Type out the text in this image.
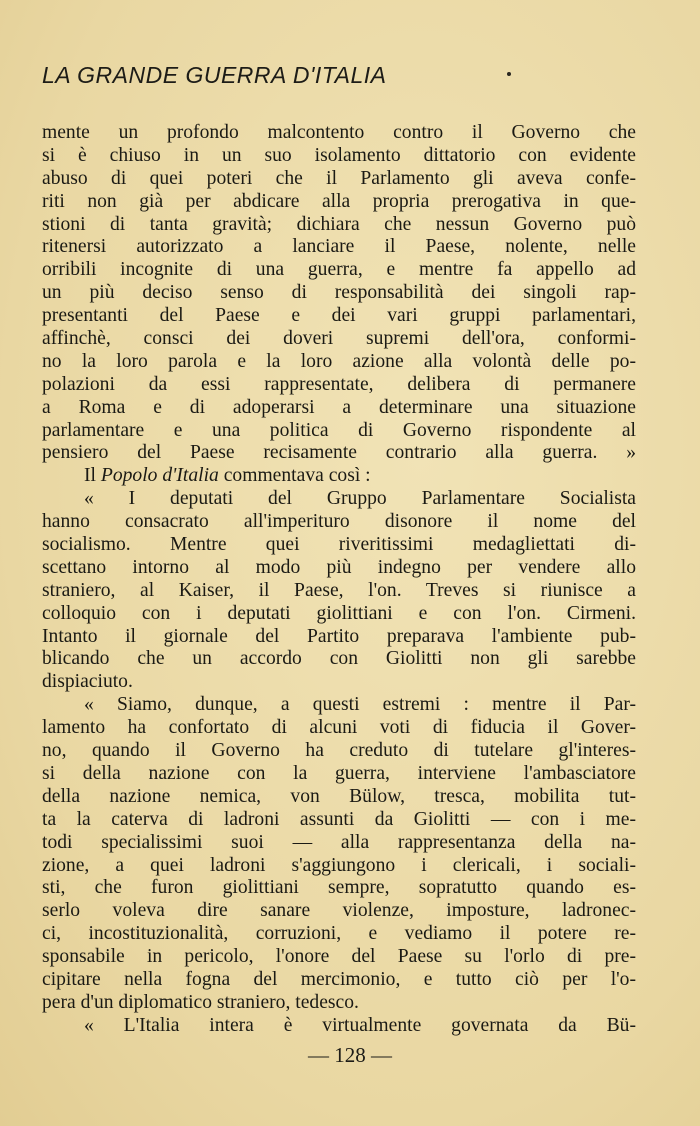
LA GRANDE GUERRA D'ITALIA
mente un profondo malcontento contro il Governo che
si è chiuso in un suo isolamento dittatorio con evidente
abuso di quei poteri che il Parlamento gli aveva confe-
riti non già per abdicare alla propria prerogativa in que-
stioni di tanta gravità; dichiara che nessun Governo può
ritenersi autorizzato a lanciare il Paese, nolente, nelle
orribili incognite di una guerra, e mentre fa appello ad
un più deciso senso di responsabilità dei singoli rap-
presentanti del Paese e dei vari gruppi parlamentari,
affinchè, consci dei doveri supremi dell'ora, conformi-
no la loro parola e la loro azione alla volontà delle po-
polazioni da essi rappresentate, delibera di permanere
a Roma e di adoperarsi a determinare una situazione
parlamentare e una politica di Governo rispondente al
pensiero del Paese recisamente contrario alla guerra. »
Il Popolo d'Italia commentava così :
« I deputati del Gruppo Parlamentare Socialista
hanno consacrato all'imperituro disonore il nome del
socialismo. Mentre quei riveritissimi medagliettati di-
scettano intorno al modo più indegno per vendere allo
straniero, al Kaiser, il Paese, l'on. Treves si riunisce a
colloquio con i deputati giolittiani e con l'on. Cirmeni.
Intanto il giornale del Partito preparava l'ambiente pub-
blicando che un accordo con Giolitti non gli sarebbe
dispiaciuto.
« Siamo, dunque, a questi estremi : mentre il Par-
lamento ha confortato di alcuni voti di fiducia il Gover-
no, quando il Governo ha creduto di tutelare gl'interes-
si della nazione con la guerra, interviene l'ambasciatore
della nazione nemica, von Bülow, tresca, mobilita tut-
ta la caterva di ladroni assunti da Giolitti — con i me-
todi specialissimi suoi — alla rappresentanza della na-
zione, a quei ladroni s'aggiungono i clericali, i sociali-
sti, che furon giolittiani sempre, sopratutto quando es-
serlo voleva dire sanare violenze, imposture, ladronec-
ci, incostituzionalità, corruzioni, e vediamo il potere re-
sponsabile in pericolo, l'onore del Paese su l'orlo di pre-
cipitare nella fogna del mercimonio, e tutto ciò per l'o-
pera d'un diplomatico straniero, tedesco.
« L'Italia intera è virtualmente governata da Bü-
— 128 —
